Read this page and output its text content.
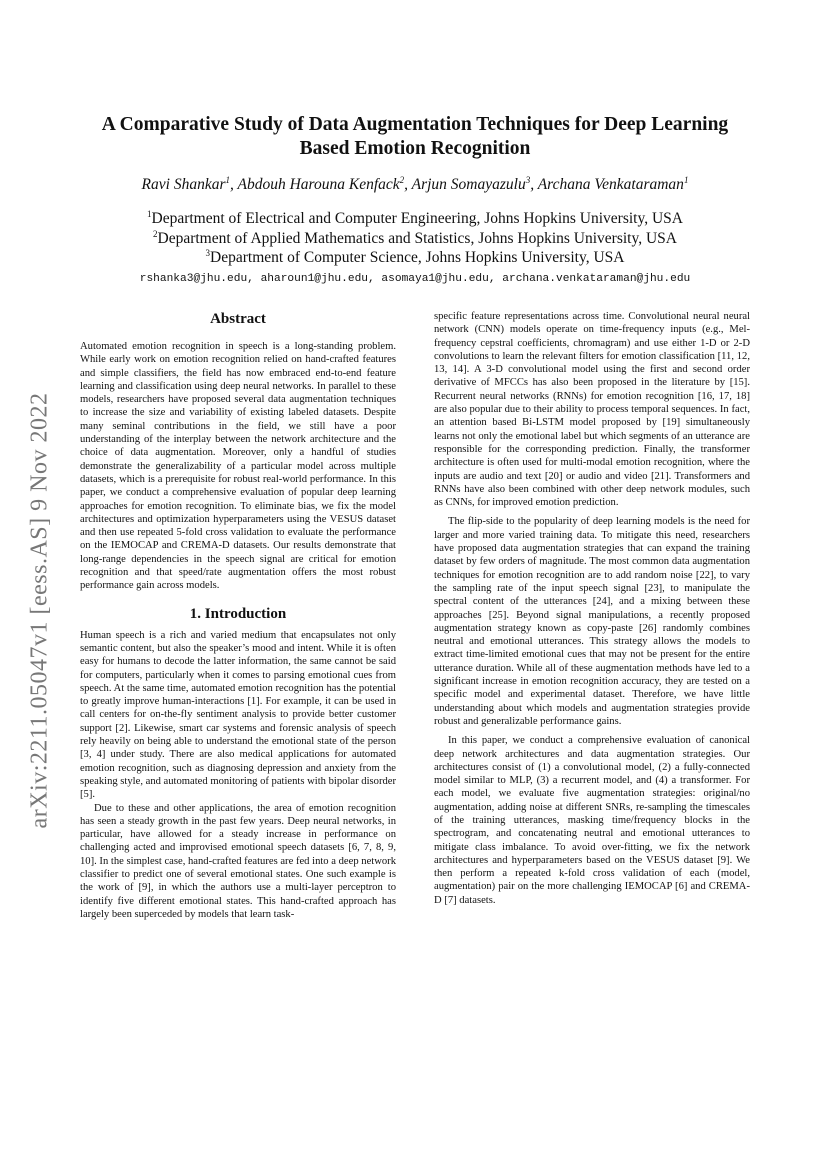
arXiv:2211.05047v1 [eess.AS] 9 Nov 2022
A Comparative Study of Data Augmentation Techniques for Deep Learning Based Emotion Recognition
Ravi Shankar$^1$, Abdouh Harouna Kenfack$^2$, Arjun Somayazulu$^3$, Archana Venkataraman$^1$
$^1$Department of Electrical and Computer Engineering, Johns Hopkins University, USA
$^2$Department of Applied Mathematics and Statistics, Johns Hopkins University, USA
$^3$Department of Computer Science, Johns Hopkins University, USA
rshanka3@jhu.edu, aharoun1@jhu.edu, asomaya1@jhu.edu, archana.venkataraman@jhu.edu
Abstract

Automated emotion recognition in speech is a long-standing problem. While early work on emotion recognition relied on hand-crafted features and simple classifiers, the field has now embraced end-to-end feature learning and classification using deep neural networks. In parallel to these models, researchers have proposed several data augmentation techniques to increase the size and variability of existing labeled datasets. Despite many seminal contributions in the field, we still have a poor understanding of the interplay between the network architecture and the choice of data augmentation. Moreover, only a handful of studies demonstrate the generalizability of a particular model across multiple datasets, which is a prerequisite for robust real-world performance. In this paper, we conduct a comprehensive evaluation of popular deep learning approaches for emotion recognition. To eliminate bias, we fix the model architectures and optimization hyperparameters using the VESUS dataset and then use repeated 5-fold cross validation to evaluate the performance on the IEMOCAP and CREMA-D datasets. Our results demonstrate that long-range dependencies in the speech signal are critical for emotion recognition and that speed/rate augmentation offers the most robust performance gain across models.

1. Introduction

Human speech is a rich and varied medium that encapsulates not only semantic content, but also the speaker’s mood and intent. While it is often easy for humans to decode the latter information, the same cannot be said for computers, particularly when it comes to parsing emotional cues from speech. At the same time, automated emotion recognition has the potential to greatly improve human-interactions [1]. For example, it can be used in call centers for on-the-fly sentiment analysis to provide better customer support [2]. Likewise, smart car systems and forensic analysis of speech rely heavily on being able to understand the emotional state of the person [3, 4] under study. There are also medical applications for automated emotion recognition, such as diagnosing depression and anxiety from the speaking style, and automated monitoring of patients with bipolar disorder [5].

Due to these and other applications, the area of emotion recognition has seen a steady growth in the past few years. Deep neural networks, in particular, have allowed for a steady increase in performance on challenging acted and improvised emotional speech datasets [6, 7, 8, 9, 10]. In the simplest case, hand-crafted features are fed into a deep network classifier to predict one of several emotional states. One such example is the work of [9], in which the authors use a multi-layer perceptron to identify five different emotional states. This hand-crafted approach has largely been superceded by models that learn task-

specific feature representations across time. Convolutional neural neural network (CNN) models operate on time-frequency inputs (e.g., Mel-frequency cepstral coefficients, chromagram) and use either 1-D or 2-D convolutions to learn the relevant filters for emotion classification [11, 12, 13, 14]. A 3-D convolutional model using the first and second order derivative of MFCCs has also been proposed in the literature by [15]. Recurrent neural networks (RNNs) for emotion recognition [16, 17, 18] are also popular due to their ability to process temporal sequences. In fact, an attention based Bi-LSTM model proposed by [19] simultaneously learns not only the emotional label but which segments of an utterance are responsible for the corresponding prediction. Finally, the transformer architecture is often used for multi-modal emotion recognition, where the inputs are audio and text [20] or audio and video [21]. Transformers and RNNs have also been combined with other deep network modules, such as CNNs, for improved emotion prediction.

The flip-side to the popularity of deep learning models is the need for larger and more varied training data. To mitigate this need, researchers have proposed data augmentation strategies that can expand the training dataset by few orders of magnitude. The most common data augmentation techniques for emotion recognition are to add random noise [22], to vary the sampling rate of the input speech signal [23], to manipulate the spectral content of the utterances [24], and a mixing between these approaches [25]. Beyond signal manipulations, a recently proposed augmentation strategy known as copy-paste [26] randomly combines neutral and emotional utterances. This strategy allows the models to extract time-limited emotional cues that may not be present for the entire utterance duration. While all of these augmentation methods have led to a significant increase in emotion recognition accuracy, they are tested on a specific model and experimental dataset. Therefore, we have little understanding about which models and augmentation strategies provide robust and generalizable performance gains.

In this paper, we conduct a comprehensive evaluation of canonical deep network architectures and data augmentation strategies. Our architectures consist of (1) a convolutional model, (2) a fully-connected model similar to MLP, (3) a recurrent model, and (4) a transformer. For each model, we evaluate five augmentation strategies: original/no augmentation, adding noise at different SNRs, re-sampling the timescales of the training utterances, masking time/frequency blocks in the spectrogram, and concatenating neutral and emotional utterances to mitigate class imbalance. To avoid over-fitting, we fix the network architectures and hyperparameters based on the VESUS dataset [9]. We then perform a repeated k-fold cross validation of each (model, augmentation) pair on the more challenging IEMOCAP [6] and CREMA-D [7] datasets.
